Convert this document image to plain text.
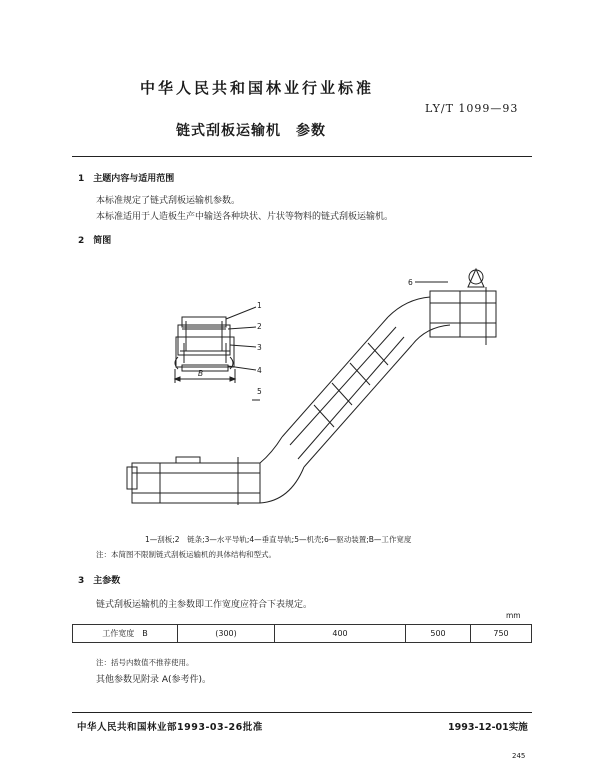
中华人民共和国林业行业标准
LY/T 1099—93
链式刮板运输机　参数
1　主题内容与适用范围
本标准规定了链式刮板运输机参数。
本标准适用于人造板生产中输送各种块状、片状等物料的链式刮板运输机。
2　简图
1
2
3
4
5
6
B
1—刮板;2　链条;3—水平导轨;4—垂直导轨;5—机壳;6—驱动装置;B—工作宽度
注：本简图不限制链式刮板运输机的具体结构和型式。
3　主参数
链式刮板运输机的主参数即工作宽度应符合下表规定。
mm
工作宽度　B	(300)	400	500	750
注：括号内数值不推荐使用。
其他参数见附录 A(参考件)。
中华人民共和国林业部1993-03-26批准	1993-12-01实施
245
